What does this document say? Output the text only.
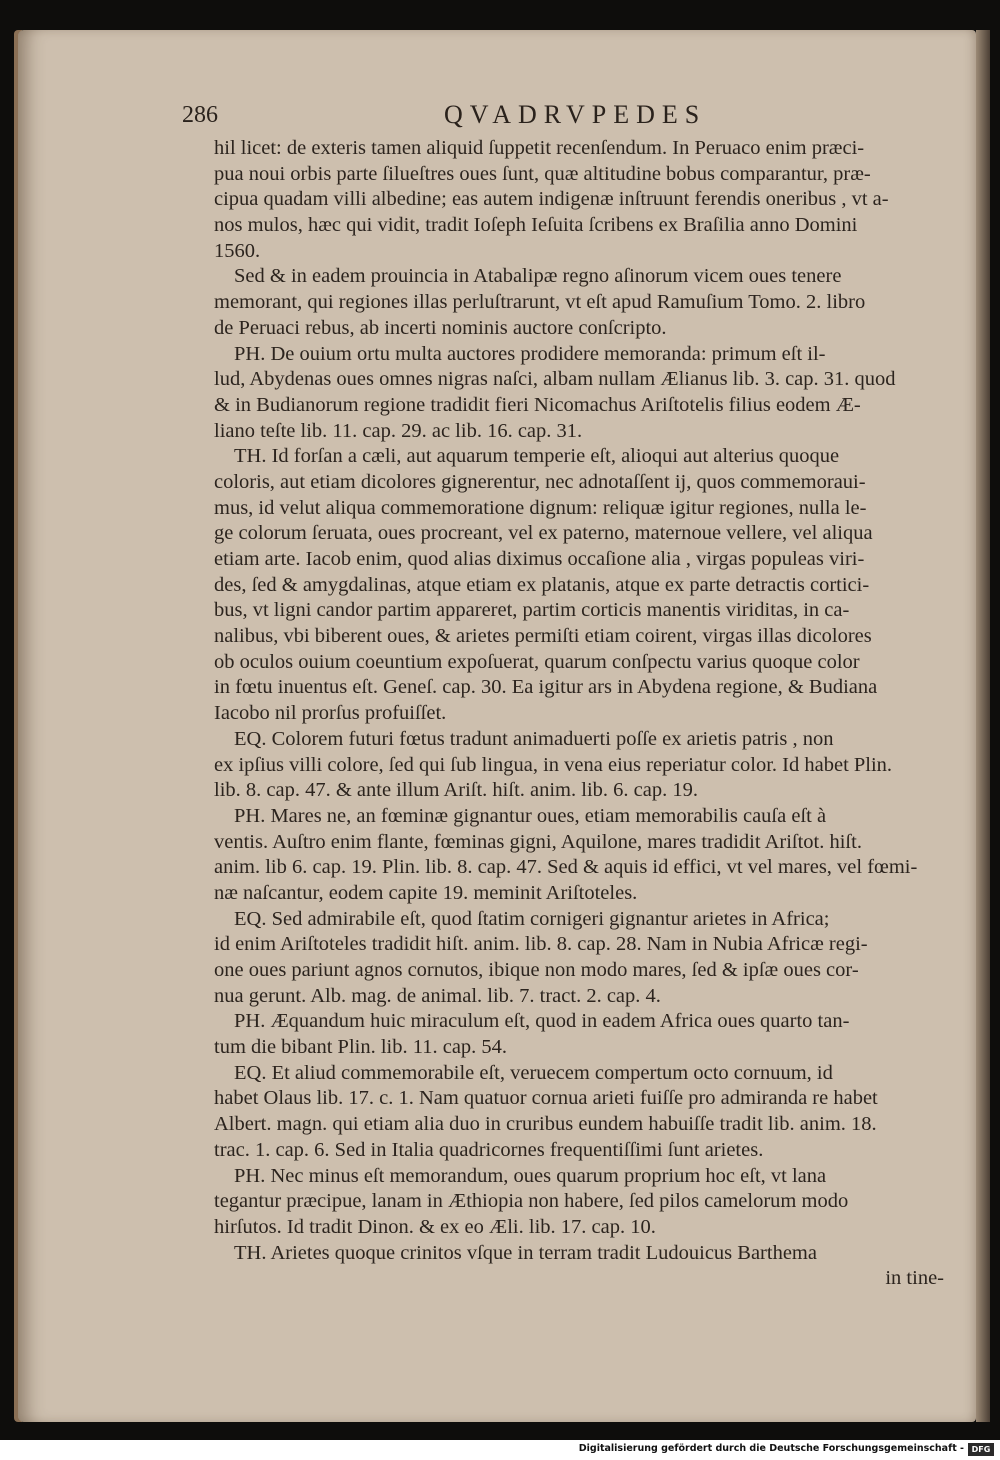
286	QVADRVPEDES
hil licet: de exteris tamen aliquid ſuppetit recenſendum. In Peruaco enim præci-
pua noui orbis parte ſilueſtres oues ſunt, quæ altitudine bobus comparantur, præ-
cipua quadam villi albedine; eas autem indigenæ inſtruunt ferendis oneribus , vt a-
nos mulos, hæc qui vidit, tradit Ioſeph Ieſuita ſcribens ex Braſilia anno Domini
1560.
Sed & in eadem prouincia in Atabalipæ regno aſinorum vicem oues tenere
memorant, qui regiones illas perluſtrarunt, vt eſt apud Ramuſium Tomo. 2. libro
de Peruaci rebus, ab incerti nominis auctore conſcripto.
PH. De ouium ortu multa auctores prodidere memoranda: primum eſt il-
lud, Abydenas oues omnes nigras naſci, albam nullam Ælianus lib. 3. cap. 31. quod
& in Budianorum regione tradidit fieri Nicomachus Ariſtotelis filius eodem Æ-
liano teſte lib. 11. cap. 29. ac lib. 16. cap. 31.
TH. Id forſan a cæli, aut aquarum temperie eſt, alioqui aut alterius quoque
coloris, aut etiam dicolores gignerentur, nec adnotaſſent ij, quos commemoraui-
mus, id velut aliqua commemoratione dignum: reliquæ igitur regiones, nulla le-
ge colorum ſeruata, oues procreant, vel ex paterno, maternoue vellere, vel aliqua
etiam arte. Iacob enim, quod alias diximus occaſione alia , virgas populeas viri-
des, ſed & amygdalinas, atque etiam ex platanis, atque ex parte detractis cortici-
bus, vt ligni candor partim appareret, partim corticis manentis viriditas, in ca-
nalibus, vbi biberent oues, & arietes permiſti etiam coirent, virgas illas dicolores
ob oculos ouium coeuntium expoſuerat, quarum conſpectu varius quoque color
in fœtu inuentus eſt. Geneſ. cap. 30. Ea igitur ars in Abydena regione, & Budiana
Iacobo nil prorſus profuiſſet.
EQ. Colorem futuri fœtus tradunt animaduerti poſſe ex arietis patris , non
ex ipſius villi colore, ſed qui ſub lingua, in vena eius reperiatur color. Id habet Plin.
lib. 8. cap. 47. & ante illum Ariſt. hiſt. anim. lib. 6. cap. 19.
PH. Mares ne, an fœminæ gignantur oues, etiam memorabilis cauſa eſt à
ventis. Auſtro enim flante, fœminas gigni, Aquilone, mares tradidit Ariſtot. hiſt.
anim. lib 6. cap. 19. Plin. lib. 8. cap. 47. Sed & aquis id effici, vt vel mares, vel fœmi-
næ naſcantur, eodem capite 19. meminit Ariſtoteles.
EQ. Sed admirabile eſt, quod ſtatim cornigeri gignantur arietes in Africa;
id enim Ariſtoteles tradidit hiſt. anim. lib. 8. cap. 28. Nam in Nubia Africæ regi-
one oues pariunt agnos cornutos, ibique non modo mares, ſed & ipſæ oues cor-
nua gerunt. Alb. mag. de animal. lib. 7. tract. 2. cap. 4.
PH. Æquandum huic miraculum eſt, quod in eadem Africa oues quarto tan-
tum die bibant Plin. lib. 11. cap. 54.
EQ. Et aliud commemorabile eſt, veruecem compertum octo cornuum, id
habet Olaus lib. 17. c. 1. Nam quatuor cornua arieti fuiſſe pro admiranda re habet
Albert. magn. qui etiam alia duo in cruribus eundem habuiſſe tradit lib. anim. 18.
trac. 1. cap. 6. Sed in Italia quadricornes frequentiſſimi ſunt arietes.
PH. Nec minus eſt memorandum, oues quarum proprium hoc eſt, vt lana
tegantur præcipue, lanam in Æthiopia non habere, ſed pilos camelorum modo
hirſutos. Id tradit Dinon. & ex eo Æli. lib. 17. cap. 10.
TH. Arietes quoque crinitos vſque in terram tradit Ludouicus Barthema
in tine-
Digitalisierung gefördert durch die Deutsche Forschungsgemeinschaft - DFG
